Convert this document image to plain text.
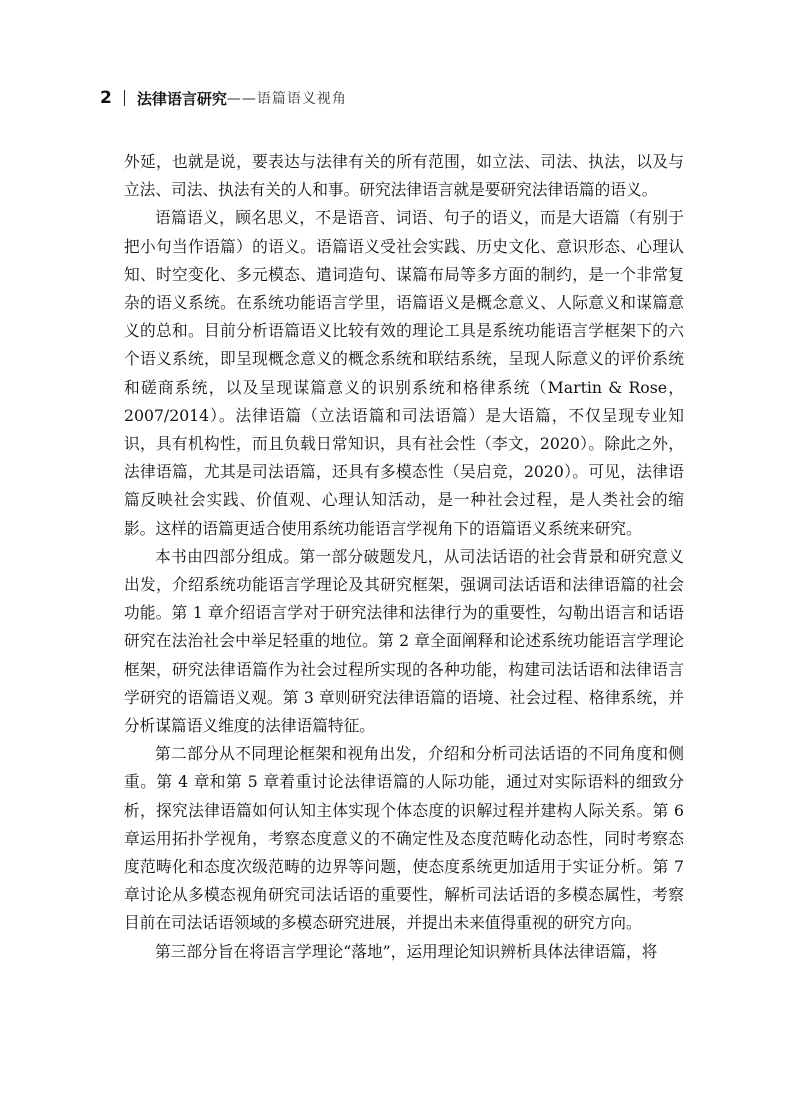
2 法律语言研究 ——语篇语义视角

外延，也就是说，要表达与法律有关的所有范围，如立法、司法、执法，以及与立法、司法、执法有关的人和事。研究法律语言就是要研究法律语篇的语义。

语篇语义，顾名思义，不是语音、词语、句子的语义，而是大语篇（有别于把小句当作语篇）的语义。语篇语义受社会实践、历史文化、意识形态、心理认知、时空变化、多元模态、遣词造句、谋篇布局等多方面的制约，是一个非常复杂的语义系统。在系统功能语言学里，语篇语义是概念意义、人际意义和谋篇意义的总和。目前分析语篇语义比较有效的理论工具是系统功能语言学框架下的六个语义系统，即呈现概念意义的概念系统和联结系统，呈现人际意义的评价系统和磋商系统，以及呈现谋篇意义的识别系统和格律系统（Martin & Rose，2007/2014）。法律语篇（立法语篇和司法语篇）是大语篇，不仅呈现专业知识，具有机构性，而且负载日常知识，具有社会性（李文，2020）。除此之外，法律语篇，尤其是司法语篇，还具有多模态性（吴启竞，2020）。可见，法律语篇反映社会实践、价值观、心理认知活动，是一种社会过程，是人类社会的缩影。这样的语篇更适合使用系统功能语言学视角下的语篇语义系统来研究。

本书由四部分组成。第一部分破题发凡，从司法话语的社会背景和研究意义出发，介绍系统功能语言学理论及其研究框架，强调司法话语和法律语篇的社会功能。第 1 章介绍语言学对于研究法律和法律行为的重要性，勾勒出语言和话语研究在法治社会中举足轻重的地位。第 2 章全面阐释和论述系统功能语言学理论框架，研究法律语篇作为社会过程所实现的各种功能，构建司法话语和法律语言学研究的语篇语义观。第 3 章则研究法律语篇的语境、社会过程、格律系统，并分析谋篇语义维度的法律语篇特征。

第二部分从不同理论框架和视角出发，介绍和分析司法话语的不同角度和侧重。第 4 章和第 5 章着重讨论法律语篇的人际功能，通过对实际语料的细致分析，探究法律语篇如何认知主体实现个体态度的识解过程并建构人际关系。第 6 章运用拓扑学视角，考察态度意义的不确定性及态度范畴化动态性，同时考察态度范畴化和态度次级范畴的边界等问题，使态度系统更加适用于实证分析。第 7 章讨论从多模态视角研究司法话语的重要性，解析司法话语的多模态属性，考察目前在司法话语领域的多模态研究进展，并提出未来值得重视的研究方向。

第三部分旨在将语言学理论“落地”，运用理论知识辨析具体法律语篇，将
